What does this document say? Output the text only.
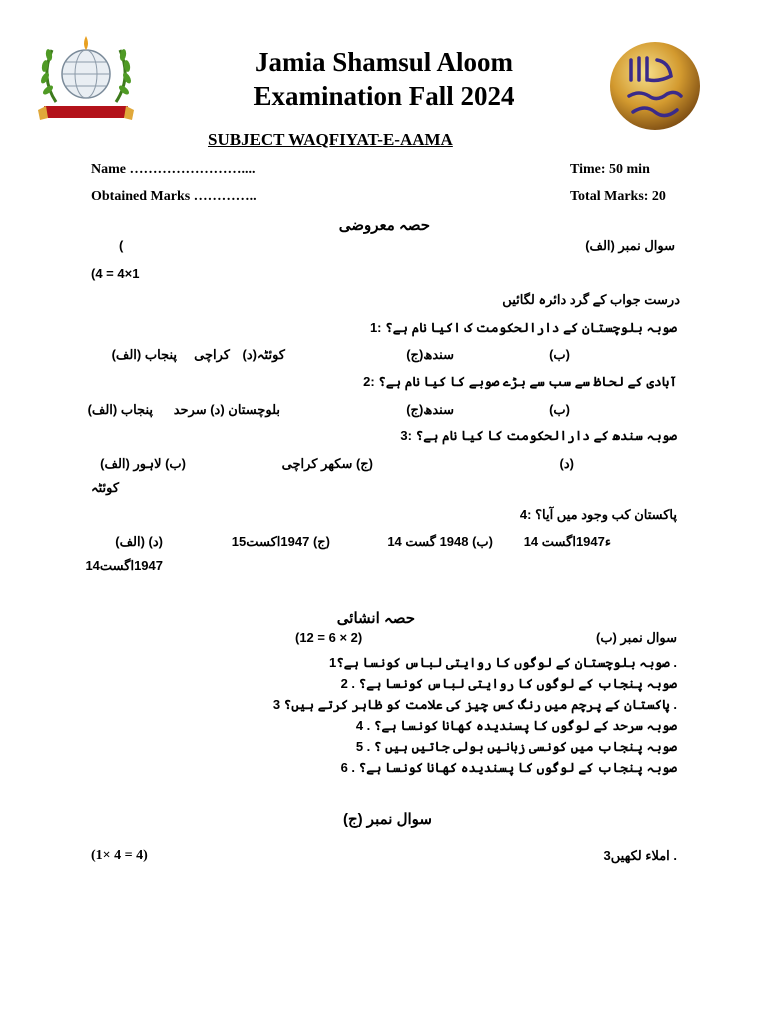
Jamia Shamsul Aloom
Examination Fall 2024
SUBJECT WAQFIYAT-E-AAMA
Name ……………………....	Time: 50 min
Obtained Marks …………..	Total Marks: 20
حصہ معروضی
سوال نمبر (الف)
(
(4 = 4×1
درست جواب کے گرد دائرہ لگائیں
صوبہ بلوچستان کے دارالحکومت ک اکیا نام ہے؟ :1
پنجاب (الف)	کراچی کوئٹہ(د)	سندھ(ج)	(ب)
آبادی کے لحاظ سے سب سے بڑے صوبے کا کیا نام ہے؟ :2
پنجاب (الف)	بلوچستان (د) سرحد	سندھ(ج)	(ب)
صوبہ سندھ کے دارالحکومت کا کیا نام ہے؟ :3
(ب) لاہور (الف)	(ج) سکھر کراچی	(د)
کوئٹہ
پاکستان کب وجود میں آیا؟ :4
(د) (الف)	(ج) 1947اکست15	(ب) 1948 گست 14 ء1947اگست 14
1947اگست14
حصہ انشائی
سوال نمبر (ب)
(12 = 6 × 2)
. صوبہ بلوچستان کے لوگوں کا روایتی لباس کونسا ہے؟1
صوبہ پنجاب کے لوگوں کا روایتی لباس کونسا ہے؟ . 2
. پاکستان کے پرچم میں رنگ کس چیز کی علامت کو ظاہر کرتے ہیں؟ 3
صوبہ سرحد کے لوگوں کا پسندیدہ کھانا کونسا ہے؟ . 4
صوبہ پنجاب میں کونسی زبانیں بولی جاتیں ہیں ؟ . 5
صوبہ پنجاب کے لوگوں کا پسندیدہ کھانا کونسا ہے؟ . 6
سوال نمبر (ج)
(1× 4 = 4)	. املاء لکھیں3
